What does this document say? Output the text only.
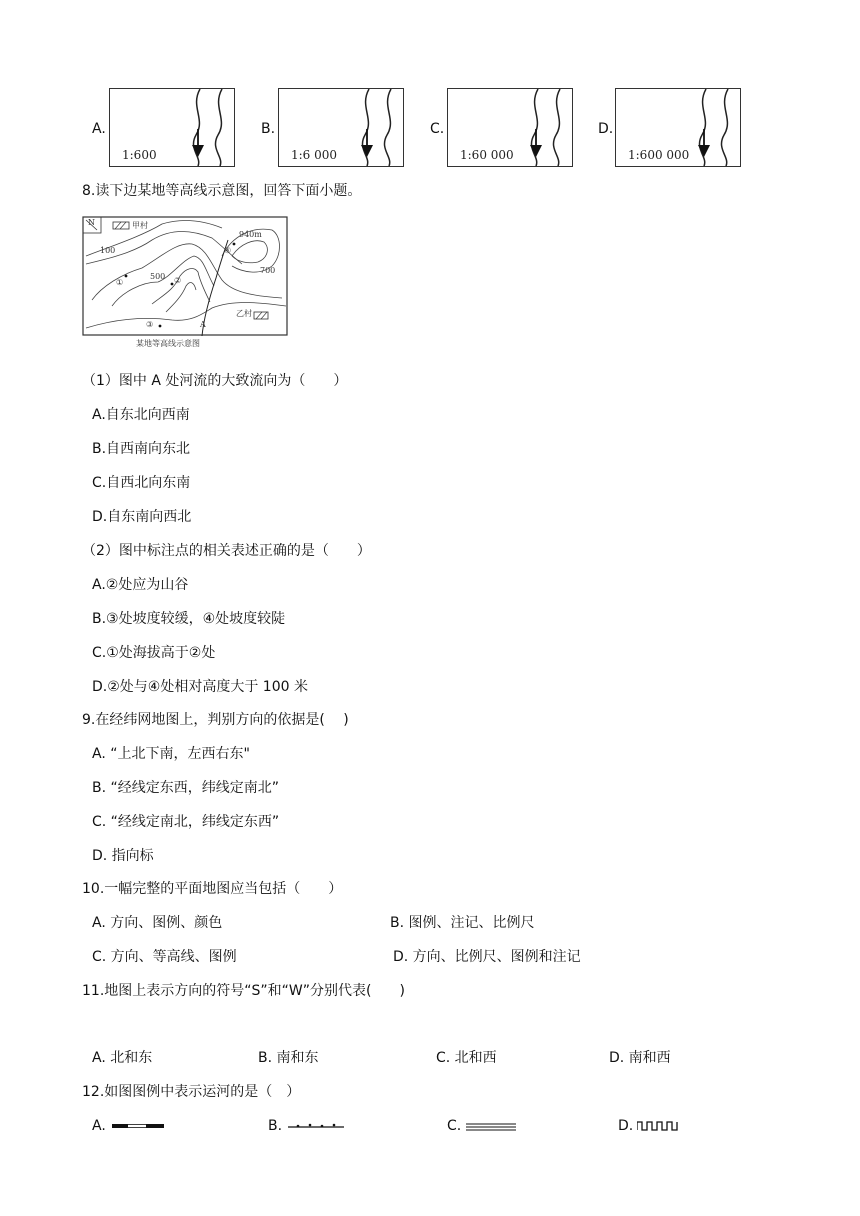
A.
1:600
B.
1:6 000
C.
1:60 000
D.
1:600 000
8.读下边某地等高线示意图，回答下面小题。
N	甲村
940m
100
500
700
①	②
③
④
A
乙村
某地等高线示意图
（1）图中 A 处河流的大致流向为（　　）
A.自东北向西南
B.自西南向东北
C.自西北向东南
D.自东南向西北
（2）图中标注点的相关表述正确的是（　　）
A.②处应为山谷
B.③处坡度较缓，④处坡度较陡
C.①处海拔高于②处
D.②处与④处相对高度大于 100 米
9.在经纬网地图上，判别方向的依据是(　 )
A. “上北下南，左西右东"
B. “经线定东西，纬线定南北”
C. “经线定南北，纬线定东西”
D. 指向标
10.一幅完整的平面地图应当包括（　　）
A. 方向、图例、颜色	B. 图例、注记、比例尺
C. 方向、等高线、图例	D. 方向、比例尺、图例和注记
11.地图上表示方向的符号“S”和“W”分别代表(　　)
A. 北和东	B. 南和东	C. 北和西	D. 南和西
12.如图图例中表示运河的是（　）
A.	B.	C.	D.
